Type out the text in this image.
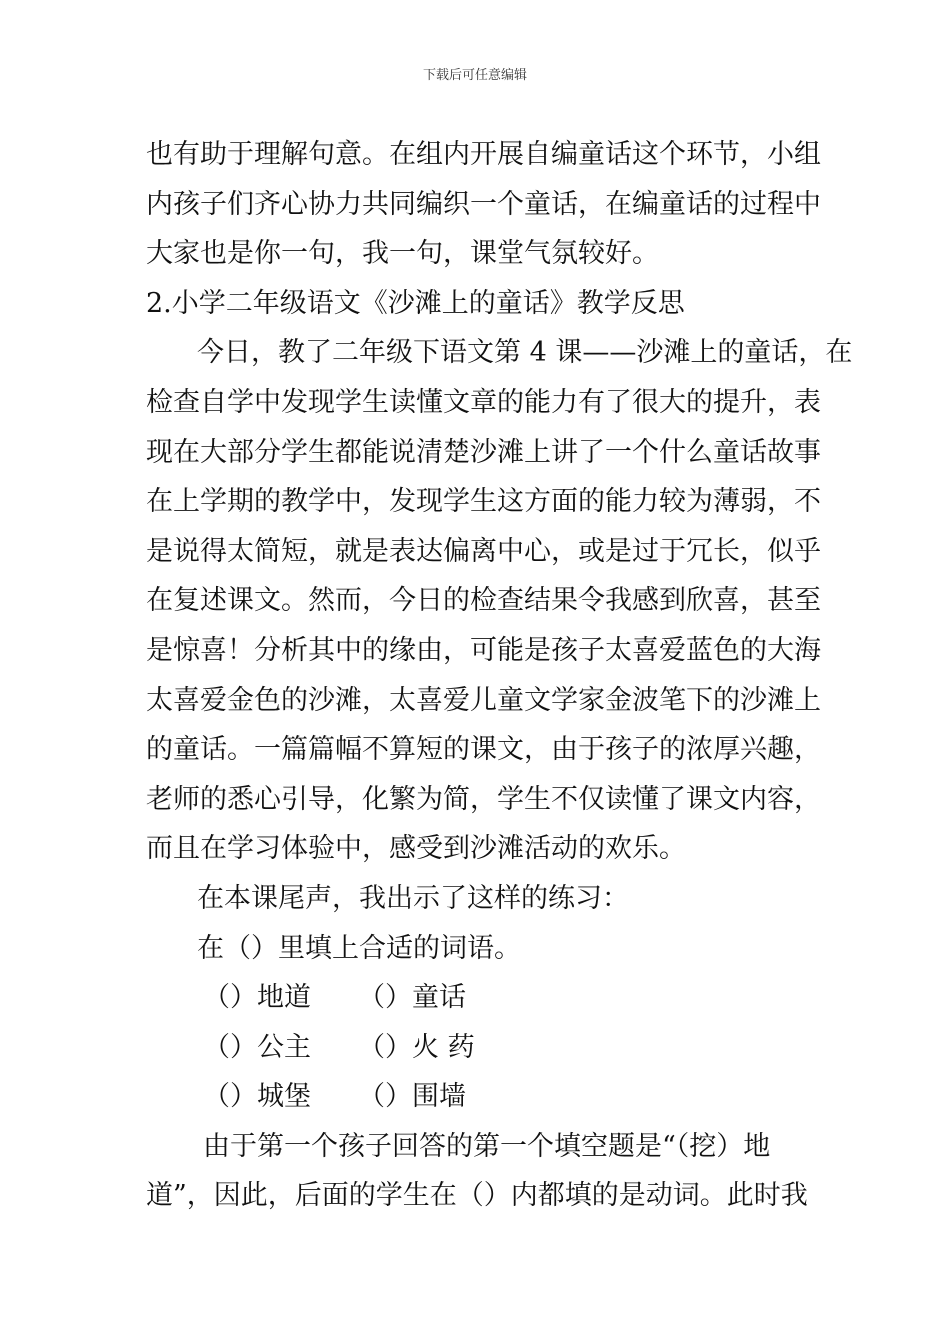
下载后可任意编辑
也有助于理解句意。在组内开展自编童话这个环节，小组
内孩子们齐心协力共同编织一个童话，在编童话的过程中
大家也是你一句，我一句，课堂气氛较好。
2.小学二年级语文《沙滩上的童话》教学反思
今日，教了二年级下语文第 4 课——沙滩上的童话，在
检查自学中发现学生读懂文章的能力有了很大的提升，表
现在大部分学生都能说清楚沙滩上讲了一个什么童话故事
在上学期的教学中，发现学生这方面的能力较为薄弱，不
是说得太简短，就是表达偏离中心，或是过于冗长，似乎
在复述课文。然而，今日的检查结果令我感到欣喜，甚至
是惊喜！分析其中的缘由，可能是孩子太喜爱蓝色的大海
太喜爱金色的沙滩，太喜爱儿童文学家金波笔下的沙滩上
的童话。一篇篇幅不算短的课文，由于孩子的浓厚兴趣，
老师的悉心引导，化繁为简，学生不仅读懂了课文内容，
而且在学习体验中，感受到沙滩活动的欢乐。
在本课尾声，我出示了这样的练习：
在（）里填上合适的词语。
（）地道 （）童话
（）公主 （）火 药
（）城堡 （）围墙
由于第一个孩子回答的第一个填空题是“（挖）地
道”，因此，后面的学生在（）内都填的是动词。此时我
